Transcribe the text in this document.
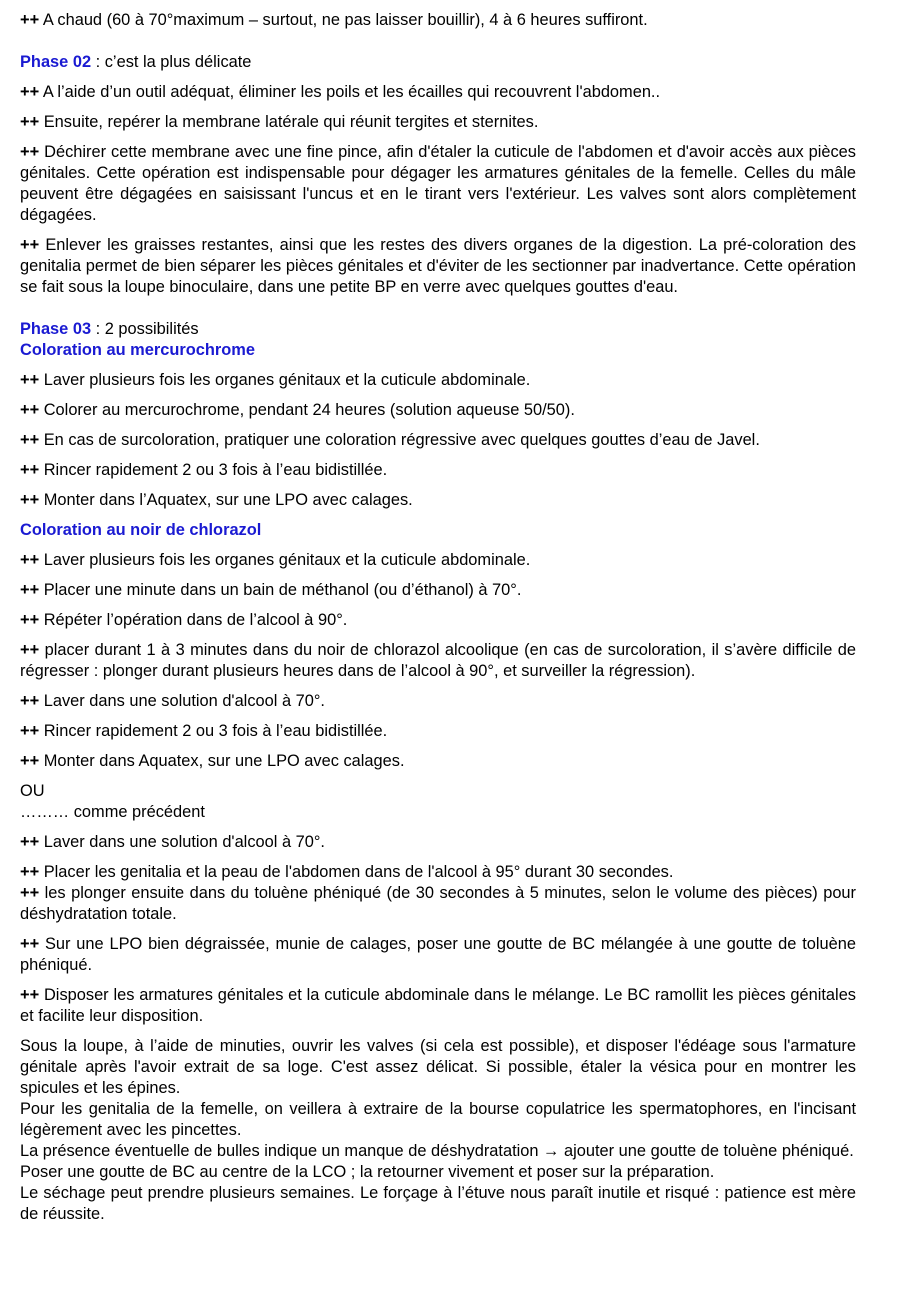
++ A chaud (60 à 70°maximum – surtout, ne pas laisser bouillir), 4 à 6 heures suffiront.

Phase 02 : c’est la plus délicate

++ A l’aide d’un outil adéquat, éliminer les poils et les écailles qui recouvrent l'abdomen..

++ Ensuite, repérer la membrane latérale qui réunit tergites et sternites.

++ Déchirer cette membrane avec une fine pince, afin d'étaler la cuticule de l'abdomen et d'avoir accès aux pièces génitales. Cette opération est indispensable pour dégager les armatures génitales de la femelle. Celles du mâle peuvent être dégagées en saisissant l'uncus et en le tirant vers l'extérieur. Les valves sont alors complètement dégagées.

++ Enlever les graisses restantes, ainsi que les restes des divers organes de la digestion. La pré-coloration des genitalia permet de bien séparer les pièces génitales et d'éviter de les sectionner par inadvertance. Cette opération se fait sous la loupe binoculaire, dans une petite BP en verre avec quelques gouttes d'eau.

Phase 03 : 2 possibilités

Coloration au mercurochrome

++ Laver plusieurs fois les organes génitaux et la cuticule abdominale.

++ Colorer au mercurochrome, pendant 24 heures (solution aqueuse 50/50).

++ En cas de surcoloration, pratiquer une coloration régressive avec quelques gouttes d’eau de Javel.

++ Rincer rapidement 2 ou 3 fois à l’eau bidistillée.

++ Monter dans l’Aquatex, sur une LPO avec calages.

Coloration au noir de chlorazol

++ Laver plusieurs fois les organes génitaux et la cuticule abdominale.

++ Placer une minute dans un bain de méthanol (ou d’éthanol) à 70°.

++ Répéter l’opération dans de l’alcool à 90°.

++ placer durant 1 à 3 minutes dans du noir de chlorazol alcoolique (en cas de surcoloration, il s’avère difficile de régresser : plonger durant plusieurs heures dans de l’alcool à 90°, et surveiller la régression).

++ Laver dans une solution d'alcool à 70°.

++ Rincer rapidement 2 ou 3 fois à l’eau bidistillée.

++ Monter dans Aquatex, sur une LPO avec calages.

OU

……… comme précédent

++ Laver dans une solution d'alcool à 70°.

++ Placer les genitalia et la peau de l'abdomen dans de l'alcool à 95° durant 30 secondes.

++ les plonger ensuite dans du toluène phéniqué (de 30 secondes à 5 minutes, selon le volume des pièces) pour déshydratation totale.

++ Sur une LPO bien dégraissée, munie de calages, poser une goutte de BC mélangée à une goutte de toluène phéniqué.

++ Disposer les armatures génitales et la cuticule abdominale dans le mélange. Le BC ramollit les pièces génitales et facilite leur disposition.

Sous la loupe, à l’aide de minuties, ouvrir les valves (si cela est possible), et disposer l'édéage sous l'armature génitale après l'avoir extrait de sa loge. C'est assez délicat. Si possible, étaler la vésica pour en montrer les spicules et les épines.

Pour les genitalia de la femelle, on veillera à extraire de la bourse copulatrice les spermatophores, en l'incisant légèrement avec les pincettes.

La présence éventuelle de bulles indique un manque de déshydratation → ajouter une goutte de toluène phéniqué.

Poser une goutte de BC au centre de la LCO ; la retourner vivement et poser sur la préparation.

Le séchage peut prendre plusieurs semaines. Le forçage à l’étuve nous paraît inutile et risqué : patience est mère de réussite.
